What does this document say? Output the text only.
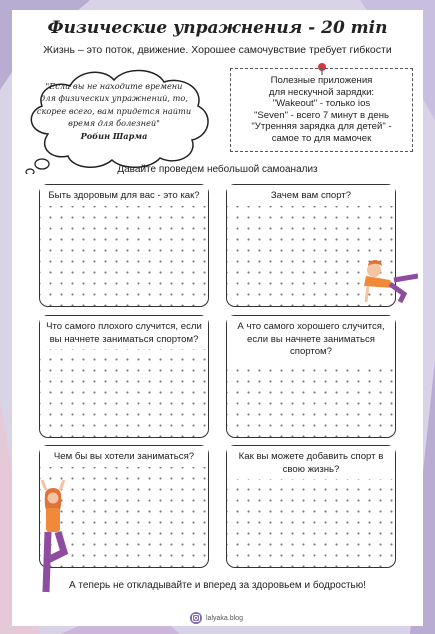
Физические упражнения - 20 min
Жизнь – это поток, движение. Хорошее самочувствие требует гибкости
"Если вы не находите времени
для физических упражнений, то,
скорее всего, вам придется найти
время для болезней"
Робин Шарма
Полезные приложения
для нескучной зарядки:
"Wakeout" - только ios
"Seven" - всего 7 минут в день
"Утренняя зарядка для детей" -
самое то для мамочек
Давайте проведем небольшой самоанализ
Быть здоровым для вас - это как?	Зачем вам спорт?
Что самого плохого случится, если вы начнете заниматься спортом?
А что самого хорошего случится, если вы начнете заниматься спортом?
Чем бы вы хотели заниматься?	Как вы можете добавить спорт в свою жизнь?
А теперь не откладывайте и вперед за здоровьем и бодростью!
lalyaka.blog
